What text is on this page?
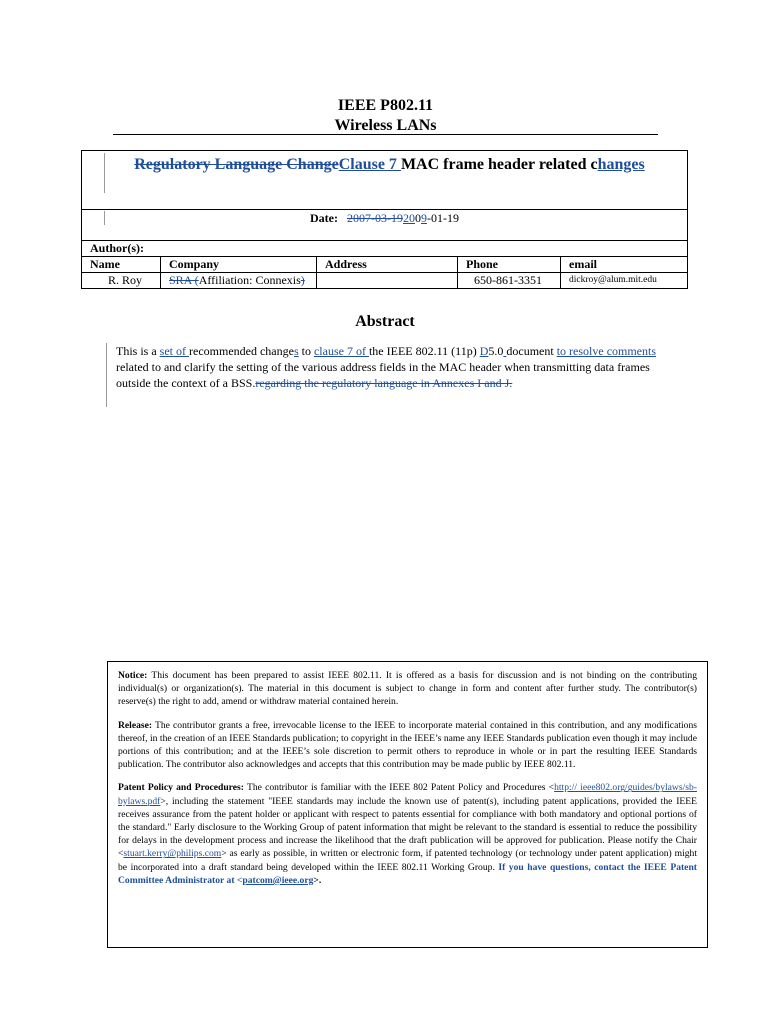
IEEE P802.11
Wireless LANs
Regulatory Language ChangeClause 7 MAC frame header related changes
Date: 2007-03-192009-01-19
Author(s):				
Name	Company	Address	Phone	email
R. Roy	SRA (Affiliation: Connexis)		650-861-3351	dickroy@alum.mit.edu
Abstract
This is a set of recommended changes to clause 7 of the IEEE 802.11 (11p) D5.0 document to resolve comments related to and clarify the setting of the various address fields in the MAC header when transmitting data frames outside the context of a BSS.regarding the regulatory language in Annexes I and J.

Notice: This document has been prepared to assist IEEE 802.11. It is offered as a basis for discussion and is not binding on the contributing individual(s) or organization(s). The material in this document is subject to change in form and content after further study. The contributor(s) reserve(s) the right to add, amend or withdraw material contained herein.

Release: The contributor grants a free, irrevocable license to the IEEE to incorporate material contained in this contribution, and any modifications thereof, in the creation of an IEEE Standards publication; to copyright in the IEEE’s name any IEEE Standards publication even though it may include portions of this contribution; and at the IEEE’s sole discretion to permit others to reproduce in whole or in part the resulting IEEE Standards publication. The contributor also acknowledges and accepts that this contribution may be made public by IEEE 802.11.

Patent Policy and Procedures: The contributor is familiar with the IEEE 802 Patent Policy and Procedures <http:// ieee802.org/guides/bylaws/sb-bylaws.pdf>, including the statement "IEEE standards may include the known use of patent(s), including patent applications, provided the IEEE receives assurance from the patent holder or applicant with respect to patents essential for compliance with both mandatory and optional portions of the standard." Early disclosure to the Working Group of patent information that might be relevant to the standard is essential to reduce the possibility for delays in the development process and increase the likelihood that the draft publication will be approved for publication. Please notify the Chair <stuart.kerry@philips.com> as early as possible, in written or electronic form, if patented technology (or technology under patent application) might be incorporated into a draft standard being developed within the IEEE 802.11 Working Group. If you have questions, contact the IEEE Patent Committee Administrator at <patcom@ieee.org>.
